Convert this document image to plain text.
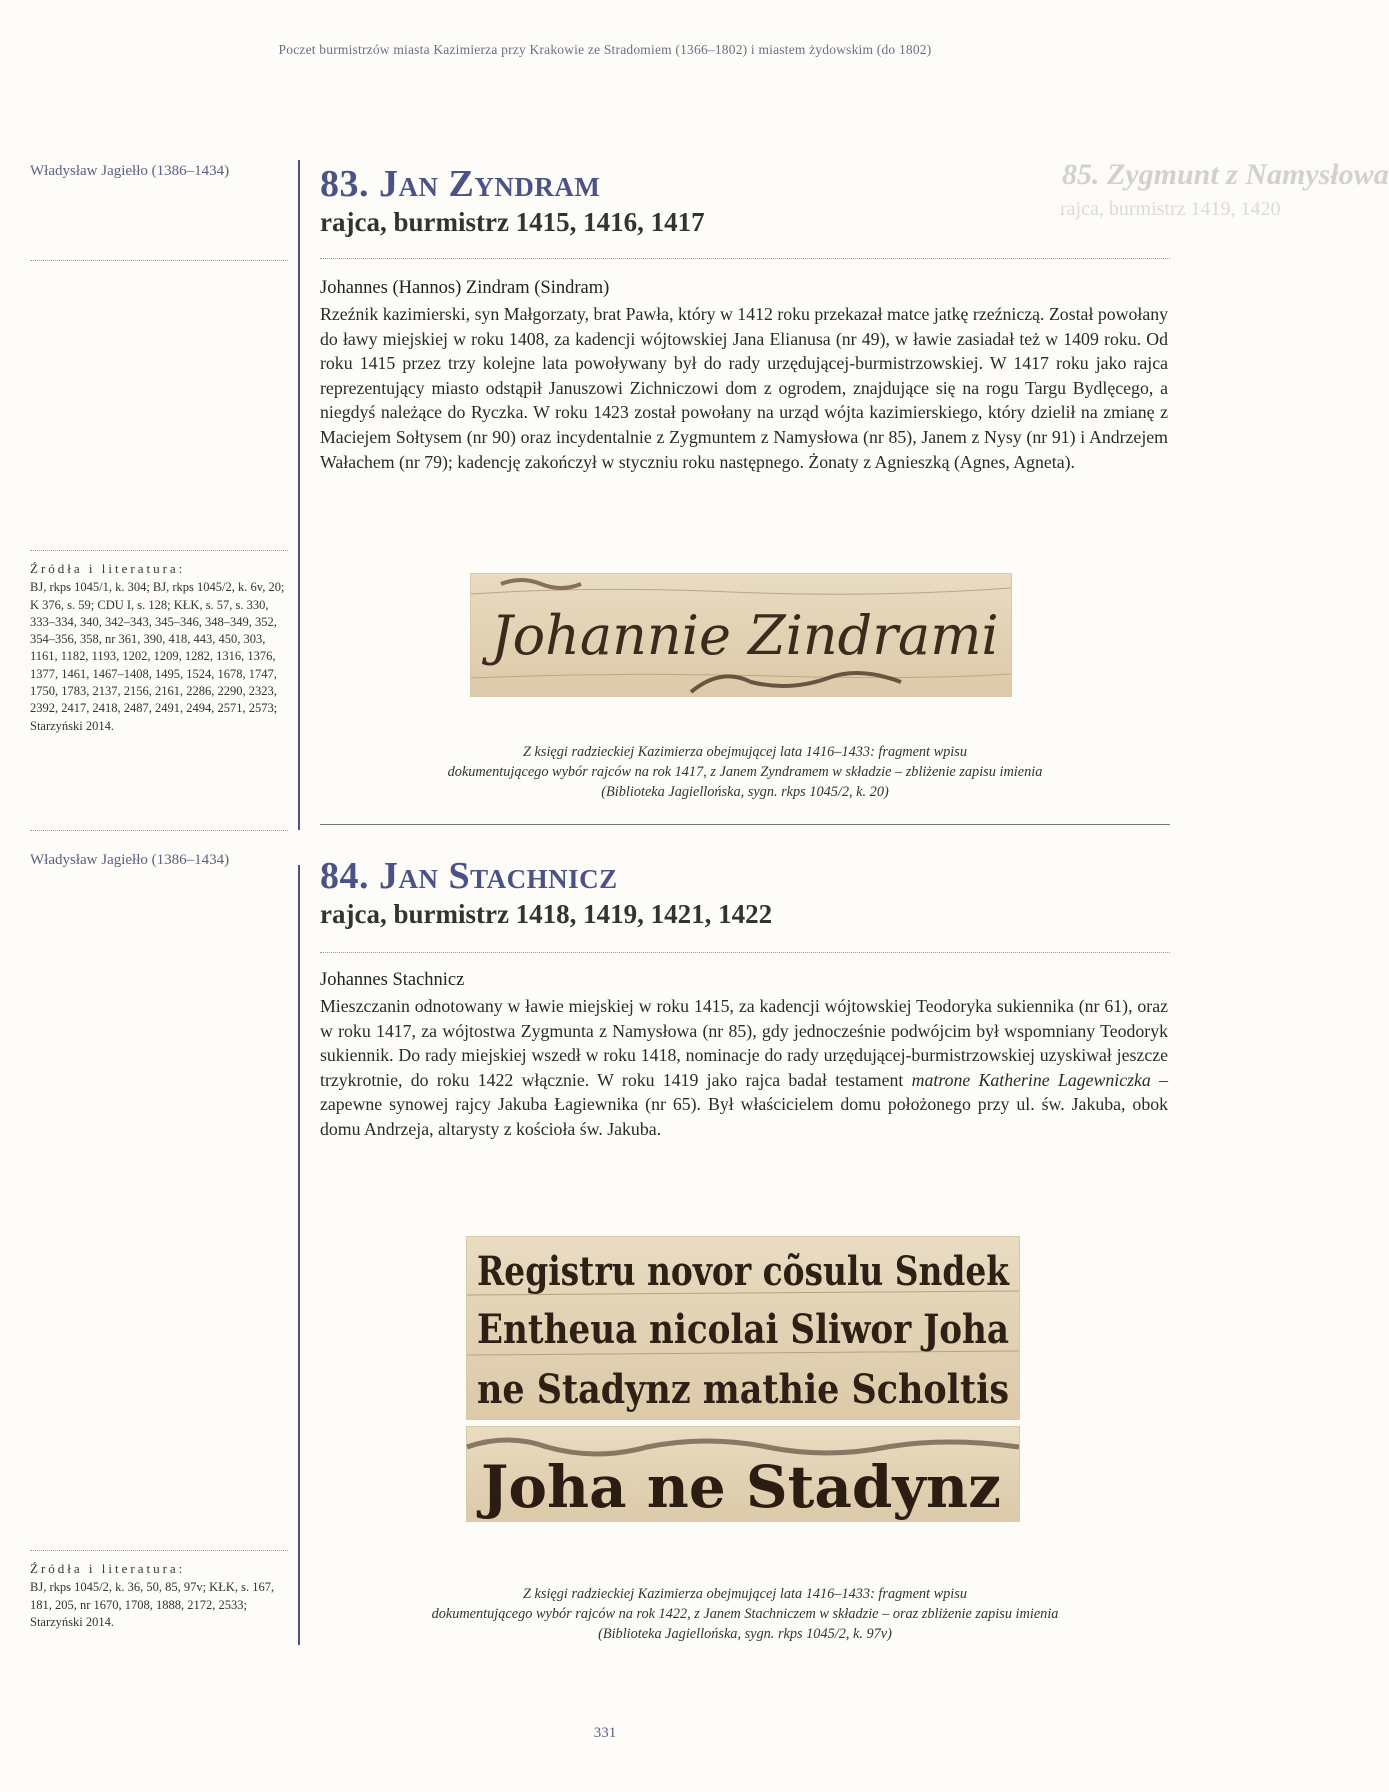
Poczet burmistrzów miasta Kazimierza przy Krakowie ze Stradomiem (1366–1802) i miastem żydowskim (do 1802)
85. Zygmunt z Namysłowa
rajca, burmistrz 1419, 1420
Władysław Jagiełło (1386–1434)
Źródła i literatura:
BJ, rkps 1045/1, k. 304; BJ, rkps 1045/2, k. 6v, 20; K 376, s. 59; CDU I, s. 128; KŁK, s. 57, s. 330, 333–334, 340, 342–343, 345–346, 348–349, 352, 354–356, 358, nr 361, 390, 418, 443, 450, 303, 1161, 1182, 1193, 1202, 1209, 1282, 1316, 1376, 1377, 1461, 1467–1408, 1495, 1524, 1678, 1747, 1750, 1783, 2137, 2156, 2161, 2286, 2290, 2323, 2392, 2417, 2418, 2487, 2491, 2494, 2571, 2573; Starzyński 2014.
83. Jan Zyndram
rajca, burmistrz 1415, 1416, 1417
Johannes (Hannos) Zindram (Sindram)
Rzeźnik kazimierski, syn Małgorzaty, brat Pawła, który w 1412 roku przekazał matce jatkę rzeźniczą. Został powołany do ławy miejskiej w roku 1408, za kadencji wójtowskiej Jana Elianusa (nr 49), w ławie zasiadał też w 1409 roku. Od roku 1415 przez trzy kolejne lata powoływany był do rady urzędującej-burmistrzowskiej. W 1417 roku jako rajca reprezentujący miasto odstąpił Januszowi Zichniczowi dom z ogrodem, znajdujące się na rogu Targu Bydlęcego, a niegdyś należące do Ryczka. W roku 1423 został powołany na urząd wójta kazimierskiego, który dzielił na zmianę z Maciejem Sołtysem (nr 90) oraz incydentalnie z Zygmuntem z Namysłowa (nr 85), Janem z Nysy (nr 91) i Andrzejem Wałachem (nr 79); kadencję zakończył w styczniu roku następnego. Żonaty z Agnieszką (Agnes, Agneta).
Johannie Zindrami
Z księgi radzieckiej Kazimierza obejmującej lata 1416–1433: fragment wpisu
dokumentującego wybór rajców na rok 1417, z Janem Zyndramem w składzie – zbliżenie zapisu imienia
(Biblioteka Jagiellońska, sygn. rkps 1045/2, k. 20)
Władysław Jagiełło (1386–1434)
Źródła i literatura:
BJ, rkps 1045/2, k. 36, 50, 85, 97v; KŁK, s. 167, 181, 205, nr 1670, 1708, 1888, 2172, 2533; Starzyński 2014.
84. Jan Stachnicz
rajca, burmistrz 1418, 1419, 1421, 1422
Johannes Stachnicz
Mieszczanin odnotowany w ławie miejskiej w roku 1415, za kadencji wójtowskiej Teodoryka sukiennika (nr 61), oraz w roku 1417, za wójtostwa Zygmunta z Namysłowa (nr 85), gdy jednocześnie podwójcim był wspomniany Teodoryk sukiennik. Do rady miejskiej wszedł w roku 1418, nominacje do rady urzędującej-burmistrzowskiej uzyskiwał jeszcze trzykrotnie, do roku 1422 włącznie. W roku 1419 jako rajca badał testament matrone Katherine Lagewniczka – zapewne synowej rajcy Jakuba Łagiewnika (nr 65). Był właścicielem domu położonego przy ul. św. Jakuba, obok domu Andrzeja, altarysty z kościoła św. Jakuba.
Registru novor cõsulu Sndek
Entheua nicolai Sliwor Joha
ne Stadynz mathie Scholtis
Joha ne Stadynz
Z księgi radzieckiej Kazimierza obejmującej lata 1416–1433: fragment wpisu
dokumentującego wybór rajców na rok 1422, z Janem Stachniczem w składzie – oraz zbliżenie zapisu imienia
(Biblioteka Jagiellońska, sygn. rkps 1045/2, k. 97v)
331
